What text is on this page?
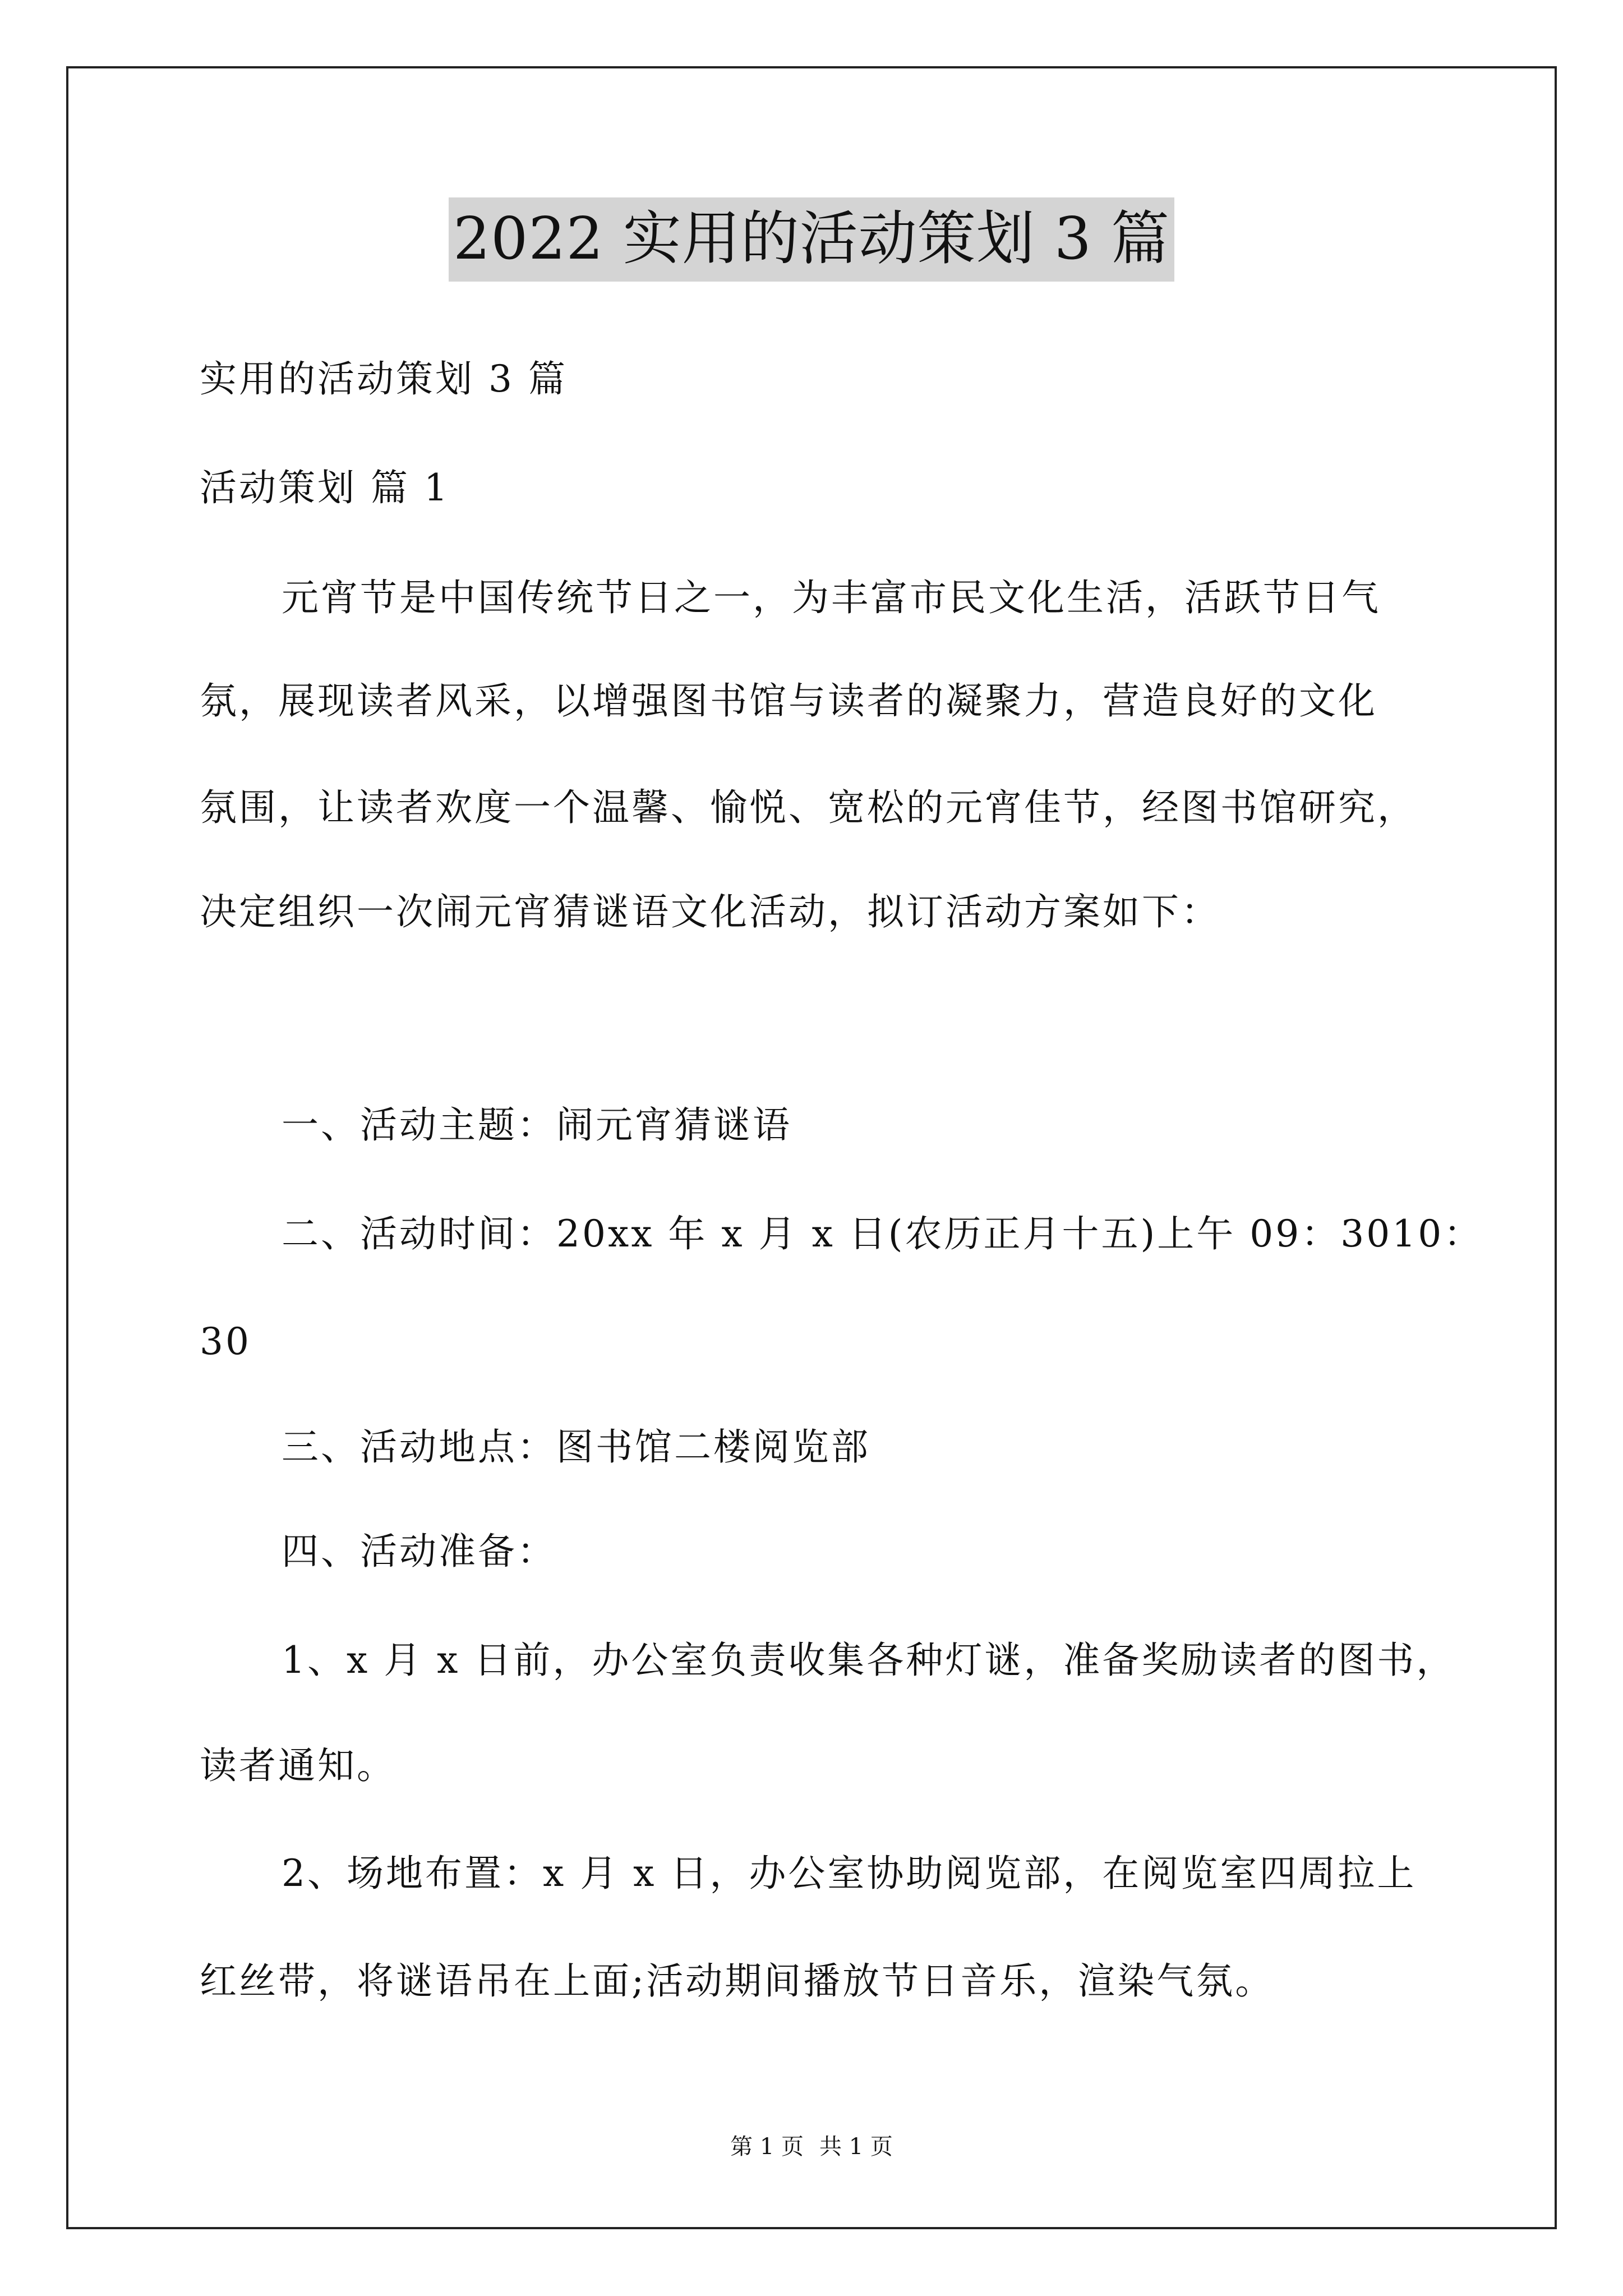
2022 实用的活动策划 3 篇
实用的活动策划 3 篇
活动策划 篇 1
元宵节是中国传统节日之一，为丰富市民文化生活，活跃节日气
氛，展现读者风采，以增强图书馆与读者的凝聚力，营造良好的文化
氛围，让读者欢度一个温馨、愉悦、宽松的元宵佳节，经图书馆研究，
决定组织一次闹元宵猜谜语文化活动，拟订活动方案如下：
一、活动主题：闹元宵猜谜语
二、活动时间：20xx 年 x 月 x 日(农历正月十五)上午 09：3010：
30
三、活动地点：图书馆二楼阅览部
四、活动准备：
1、x 月 x 日前，办公室负责收集各种灯谜，准备奖励读者的图书，
读者通知。
2、场地布置：x 月 x 日，办公室协助阅览部，在阅览室四周拉上
红丝带，将谜语吊在上面;活动期间播放节日音乐，渲染气氛。
第 1 页 共 1 页
